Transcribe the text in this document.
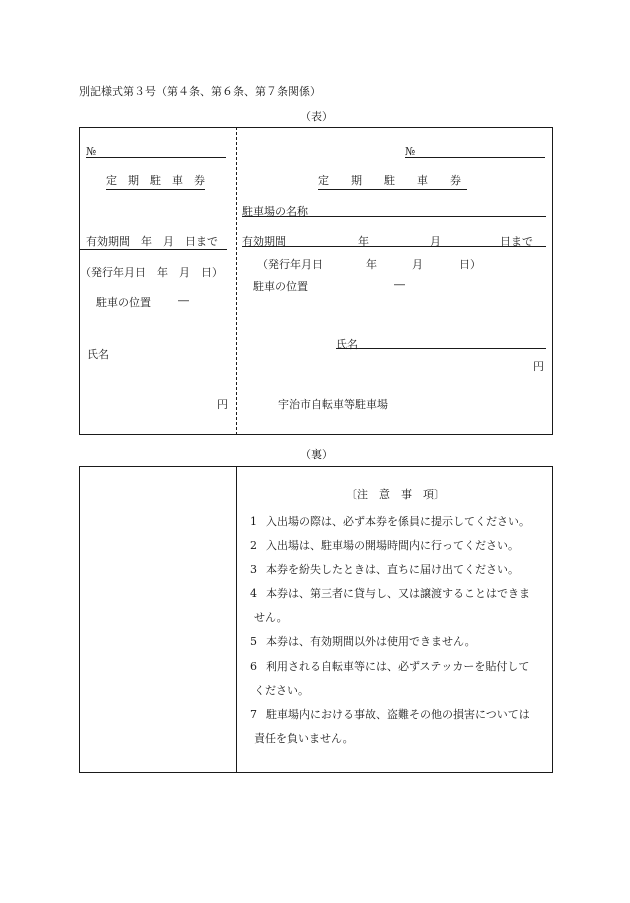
別記様式第３号（第４条、第６条、第７条関係）
（表）
№
定　期　駐　車　券
有効期間　年　月　日まで
（発行年月日　年　月　日）
駐車の位置 ―
氏名
円
№
定　期　駐　車　券
駐車場の名称
有効期間	年	月	日まで
（発行年月日	年	月	日）
駐車の位置	―
氏名
円
宇治市自転車等駐車場
（裏）
〔注　意　事　項〕
1 入出場の際は、必ず本券を係員に提示してください。
2 入出場は、駐車場の開場時間内に行ってください。
3 本券を紛失したときは、直ちに届け出てください。
4 本券は、第三者に貸与し、又は譲渡することはできま
せん。
5 本券は、有効期間以外は使用できません。
6 利用される自転車等には、必ずステッカーを貼付して
ください。
7 駐車場内における事故、盗難その他の損害については
責任を負いません。
